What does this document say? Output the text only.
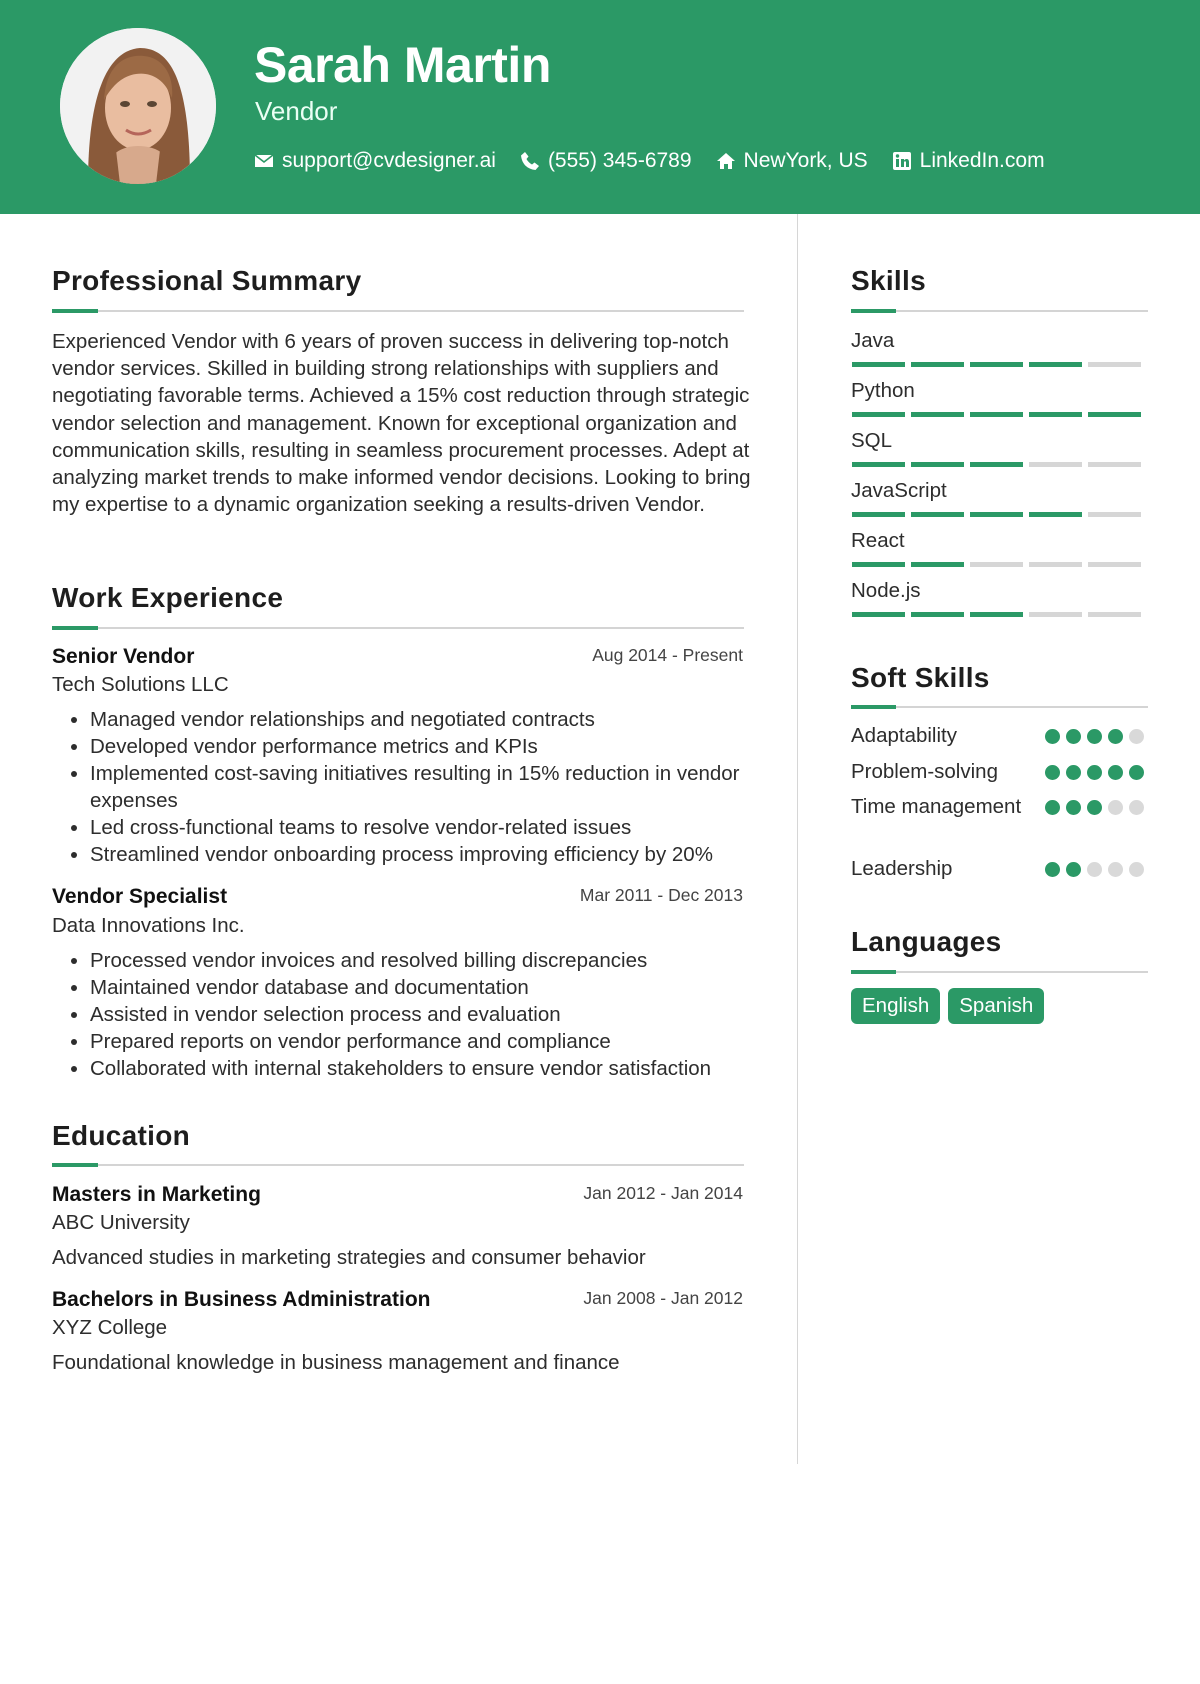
Sarah Martin
Vendor
support@cvdesigner.ai (555) 345-6789 NewYork, US LinkedIn.com
Professional Summary
Experienced Vendor with 6 years of proven success in delivering top-notch vendor services. Skilled in building strong relationships with suppliers and negotiating favorable terms. Achieved a 15% cost reduction through strategic vendor selection and management. Known for exceptional organization and communication skills, resulting in seamless procurement processes. Adept at analyzing market trends to make informed vendor decisions. Looking to bring my expertise to a dynamic organization seeking a results-driven Vendor.
Work Experience
Senior Vendor	Aug 2014 - Present
Tech Solutions LLC
• Managed vendor relationships and negotiated contracts
• Developed vendor performance metrics and KPIs
• Implemented cost-saving initiatives resulting in 15% reduction in vendor expenses
• Led cross-functional teams to resolve vendor-related issues
• Streamlined vendor onboarding process improving efficiency by 20%
Vendor Specialist	Mar 2011 - Dec 2013
Data Innovations Inc.
• Processed vendor invoices and resolved billing discrepancies
• Maintained vendor database and documentation
• Assisted in vendor selection process and evaluation
• Prepared reports on vendor performance and compliance
• Collaborated with internal stakeholders to ensure vendor satisfaction
Education
Masters in Marketing	Jan 2012 - Jan 2014
ABC University
Advanced studies in marketing strategies and consumer behavior
Bachelors in Business Administration	Jan 2008 - Jan 2012
XYZ College
Foundational knowledge in business management and finance
Skills
Java
Python
SQL
JavaScript
React
Node.js
Soft Skills
Adaptability
Problem-solving
Time management
Leadership
Languages
English	Spanish
